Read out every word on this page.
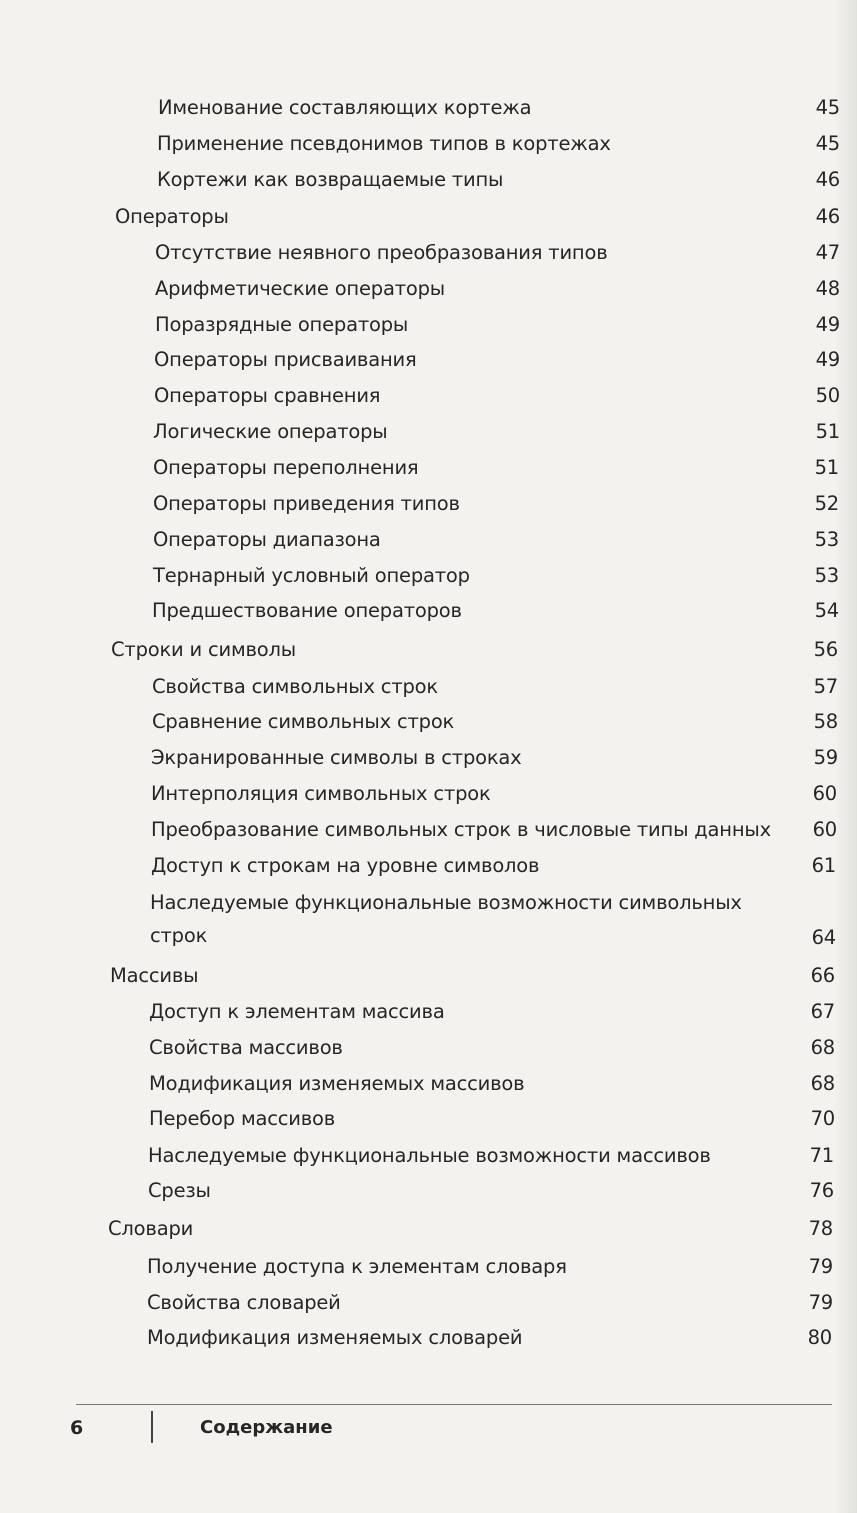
Именование составляющих кортежа	45
Применение псевдонимов типов в кортежах	45
Кортежи как возвращаемые типы	46
Операторы	46
Отсутствие неявного преобразования типов	47
Арифметические операторы	48
Поразрядные операторы	49
Операторы присваивания	49
Операторы сравнения	50
Логические операторы	51
Операторы переполнения	51
Операторы приведения типов	52
Операторы диапазона	53
Тернарный условный оператор	53
Предшествование операторов	54
Строки и символы	56
Свойства символьных строк	57
Сравнение символьных строк	58
Экранированные символы в строках	59
Интерполяция символьных строк	60
Преобразование символьных строк в числовые типы данных	60
Доступ к строкам на уровне символов	61
Наследуемые функциональные возможности символьных строк	64
Массивы	66
Доступ к элементам массива	67
Свойства массивов	68
Модификация изменяемых массивов	68
Перебор массивов	70
Наследуемые функциональные возможности массивов	71
Срезы	76
Словари	78
Получение доступа к элементам словаря	79
Свойства словарей	79
Модификация изменяемых словарей	80
6	Содержание
